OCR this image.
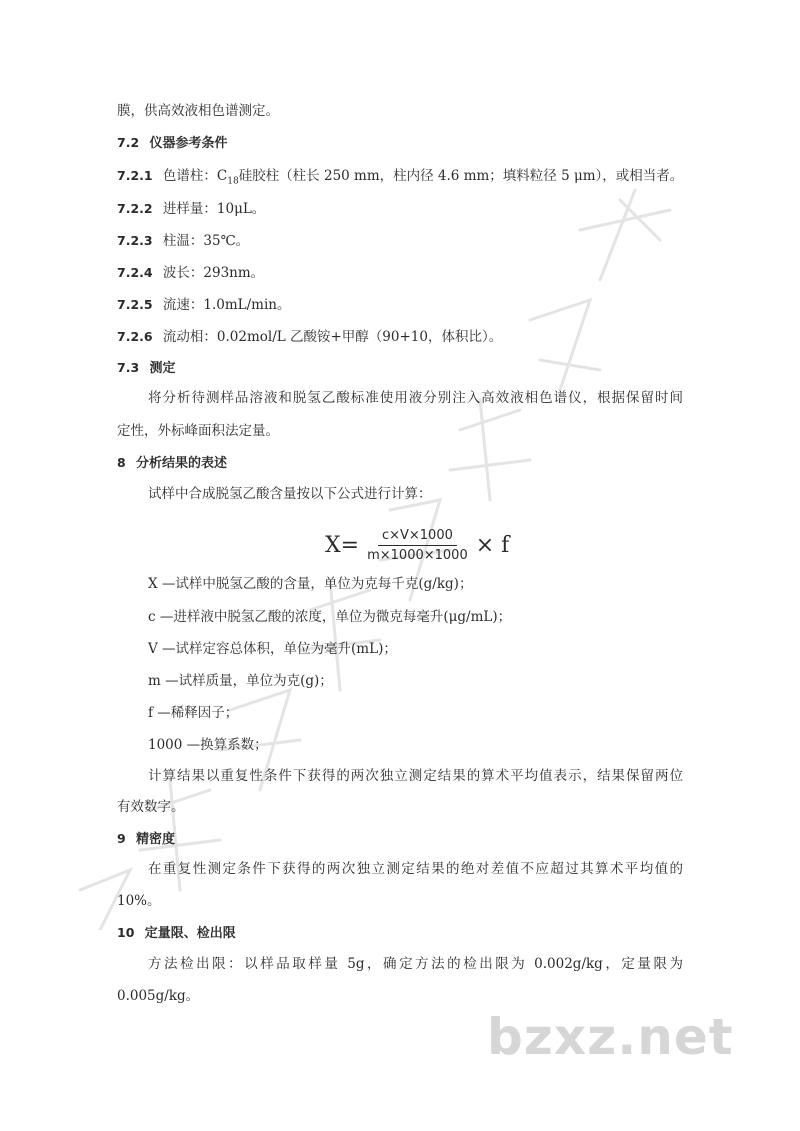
膜，供高效液相色谱测定。
7.2 仪器参考条件
7.2.1 色谱柱：$C_{18}$硅胶柱（柱长 250 mm，柱内径 4.6 mm；填料粒径 5 μm），或相当者。
7.2.2 进样量：10μL。
7.2.3 柱温：35℃。
7.2.4 波长：293nm。
7.2.5 流速：1.0mL/min。
7.2.6 流动相：0.02mol/L 乙酸铵+甲醇（90+10，体积比）。
7.3 测定
将分析待测样品溶液和脱氢乙酸标准使用液分别注入高效液相色谱仪，根据保留时间
定性，外标峰面积法定量。
8 分析结果的表述
试样中合成脱氢乙酸含量按以下公式进行计算：
$X= \frac{c\times V\times 1000}{m\times 1000\times 1000} \times f$
X —试样中脱氢乙酸的含量，单位为克每千克(g/kg)；
c —进样液中脱氢乙酸的浓度，单位为微克每毫升(μg/mL)；
V —试样定容总体积，单位为毫升(mL)；
m —试样质量，单位为克(g)；
f —稀释因子；
1000 —换算系数；
计算结果以重复性条件下获得的两次独立测定结果的算术平均值表示，结果保留两位
有效数字。
9 精密度
在重复性测定条件下获得的两次独立测定结果的绝对差值不应超过其算术平均值的
10%。
10 定量限、检出限
方法检出限：以样品取样量 5g，确定方法的检出限为 0.002g/kg，定量限为
0.005g/kg。
bzxz.net
